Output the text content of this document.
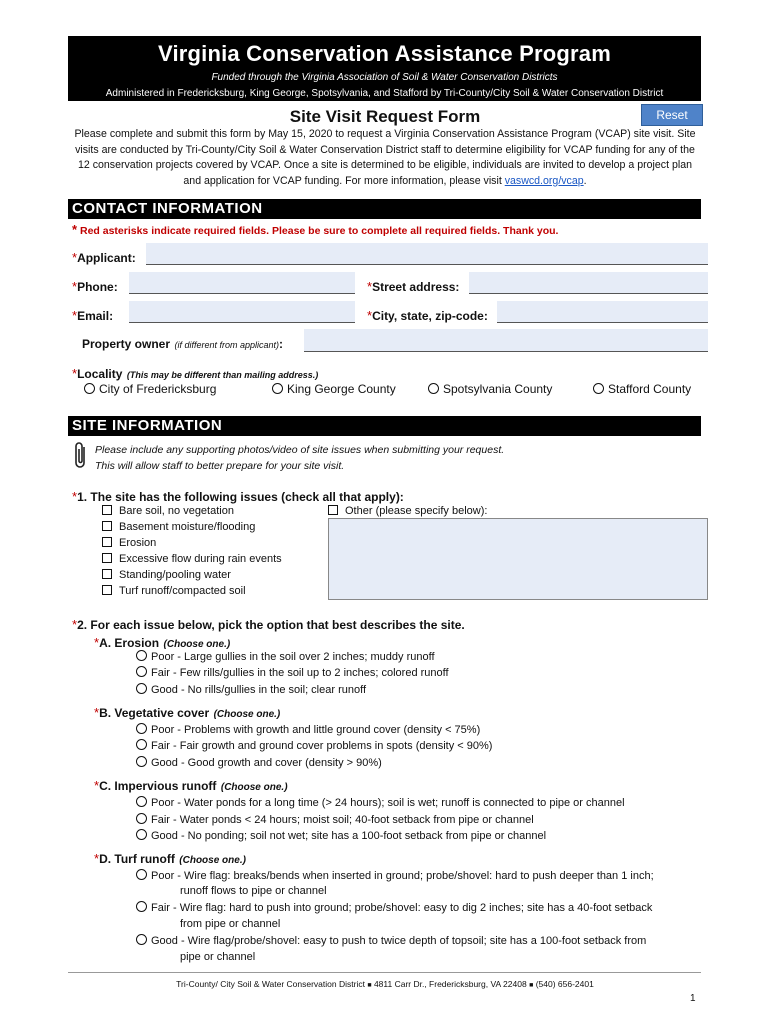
Virginia Conservation Assistance Program
Funded through the Virginia Association of Soil & Water Conservation Districts
Administered in Fredericksburg, King George, Spotsylvania, and Stafford by Tri-County/City Soil & Water Conservation District
Site Visit Request Form	Reset
Please complete and submit this form by May 15, 2020 to request a Virginia Conservation Assistance Program (VCAP) site visit. Site visits are conducted by Tri-County/City Soil & Water Conservation District staff to determine eligibility for VCAP funding for any of the 12 conservation projects covered by VCAP. Once a site is determined to be eligible, individuals are invited to develop a project plan and application for VCAP funding. For more information, please visit vaswcd.org/vcap.
CONTACT INFORMATION
* Red asterisks indicate required fields. Please be sure to complete all required fields. Thank you.
*Applicant:
*Phone:	*Street address:
*Email:	*City, state, zip-code:
Property owner (if different from applicant):
*Locality (This may be different than mailing address.)
City of Fredericksburg	King George County	Spotsylvania County	Stafford County
SITE INFORMATION
Please include any supporting photos/video of site issues when submitting your request.
This will allow staff to better prepare for your site visit.
*1. The site has the following issues (check all that apply):
Bare soil, no vegetation
Basement moisture/flooding
Erosion
Excessive flow during rain events
Standing/pooling water
Turf runoff/compacted soil
Other (please specify below):
*2. For each issue below, pick the option that best describes the site.
*A. Erosion (Choose one.)
Poor - Large gullies in the soil over 2 inches; muddy runoff
Fair - Few rills/gullies in the soil up to 2 inches; colored runoff
Good - No rills/gullies in the soil; clear runoff
*B. Vegetative cover (Choose one.)
Poor - Problems with growth and little ground cover (density < 75%)
Fair - Fair growth and ground cover problems in spots (density < 90%)
Good - Good growth and cover (density > 90%)
*C. Impervious runoff (Choose one.)
Poor - Water ponds for a long time (> 24 hours); soil is wet; runoff is connected to pipe or channel
Fair - Water ponds < 24 hours; moist soil; 40-foot setback from pipe or channel
Good - No ponding; soil not wet; site has a 100-foot setback from pipe or channel
*D. Turf runoff (Choose one.)
Poor - Wire flag: breaks/bends when inserted in ground; probe/shovel: hard to push deeper than 1 inch;
runoff flows to pipe or channel
Fair - Wire flag: hard to push into ground; probe/shovel: easy to dig 2 inches; site has a 40-foot setback
from pipe or channel
Good - Wire flag/probe/shovel: easy to push to twice depth of topsoil; site has a 100-foot setback from
pipe or channel
Tri-County/ City Soil & Water Conservation District ■ 4811 Carr Dr., Fredericksburg, VA 22408 ■ (540) 656-2401
1
